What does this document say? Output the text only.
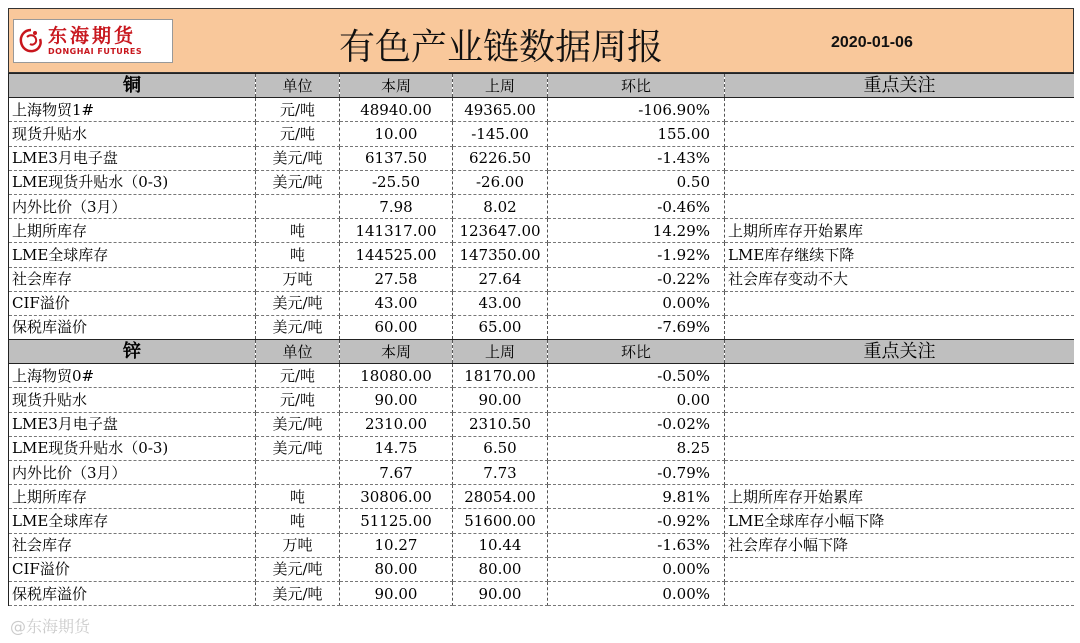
东海期货
DONGHAI FUTURES	有色产业链数据周报	2020-01-06
铜	单位	本周	上周	环比	重点关注
上海物贸1#	元/吨	48940.00	49365.00	-106.90%	
现货升贴水	元/吨	10.00	-145.00	155.00	
LME3月电子盘	美元/吨	6137.50	6226.50	-1.43%	
LME现货升贴水（0-3)	美元/吨	-25.50	-26.00	0.50	
内外比价（3月）		7.98	8.02	-0.46%	
上期所库存	吨	141317.00	123647.00	14.29%	上期所库存开始累库
LME全球库存	吨	144525.00	147350.00	-1.92%	LME库存继续下降
社会库存	万吨	27.58	27.64	-0.22%	社会库存变动不大
CIF溢价	美元/吨	43.00	43.00	0.00%	
保税库溢价	美元/吨	60.00	65.00	-7.69%	
锌	单位	本周	上周	环比	重点关注
上海物贸0#	元/吨	18080.00	18170.00	-0.50%	
现货升贴水	元/吨	90.00	90.00	0.00	
LME3月电子盘	美元/吨	2310.00	2310.50	-0.02%	
LME现货升贴水（0-3)	美元/吨	14.75	6.50	8.25	
内外比价（3月）		7.67	7.73	-0.79%	
上期所库存	吨	30806.00	28054.00	9.81%	上期所库存开始累库
LME全球库存	吨	51125.00	51600.00	-0.92%	LME全球库存小幅下降
社会库存	万吨	10.27	10.44	-1.63%	社会库存小幅下降
CIF溢价	美元/吨	80.00	80.00	0.00%	
保税库溢价	美元/吨	90.00	90.00	0.00%	
@东海期货
